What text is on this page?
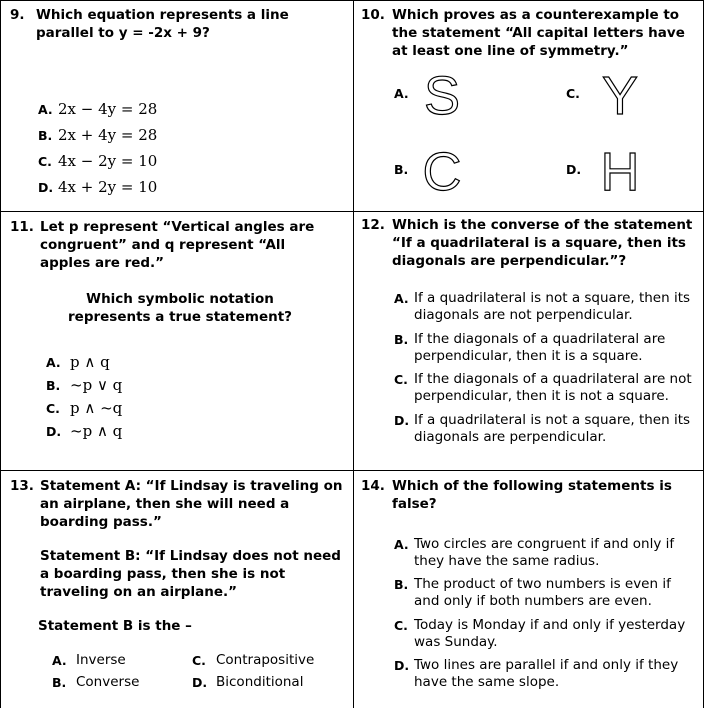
9. Which equation represents a line parallel to y = -2x + 9?
A. 2x − 4y = 28
B. 2x + 4y = 28
C. 4x − 2y = 10
D. 4x + 2y = 10
10. Which proves as a counterexample to the statement “All capital letters have at least one line of symmetry.”
A. S	C. Y
B. C	D. H
11. Let p represent “Vertical angles are congruent” and q represent “All apples are red.”
Which symbolic notation represents a true statement?
A. p ∧ q
B. ~p ∨ q
C. p ∧ ~q
D. ~p ∧ q
12. Which is the converse of the statement “If a quadrilateral is a square, then its diagonals are perpendicular.”?
A. If a quadrilateral is not a square, then its diagonals are not perpendicular.
B. If the diagonals of a quadrilateral are perpendicular, then it is a square.
C. If the diagonals of a quadrilateral are not perpendicular, then it is not a square.
D. If a quadrilateral is not a square, then its diagonals are perpendicular.
13. Statement A: “If Lindsay is traveling on an airplane, then she will need a boarding pass.”
Statement B: “If Lindsay does not need a boarding pass, then she is not traveling on an airplane.”
Statement B is the –
A. Inverse	C. Contrapositive
B. Converse	D. Biconditional
14. Which of the following statements is false?
A. Two circles are congruent if and only if they have the same radius.
B. The product of two numbers is even if and only if both numbers are even.
C. Today is Monday if and only if yesterday was Sunday.
D. Two lines are parallel if and only if they have the same slope.
